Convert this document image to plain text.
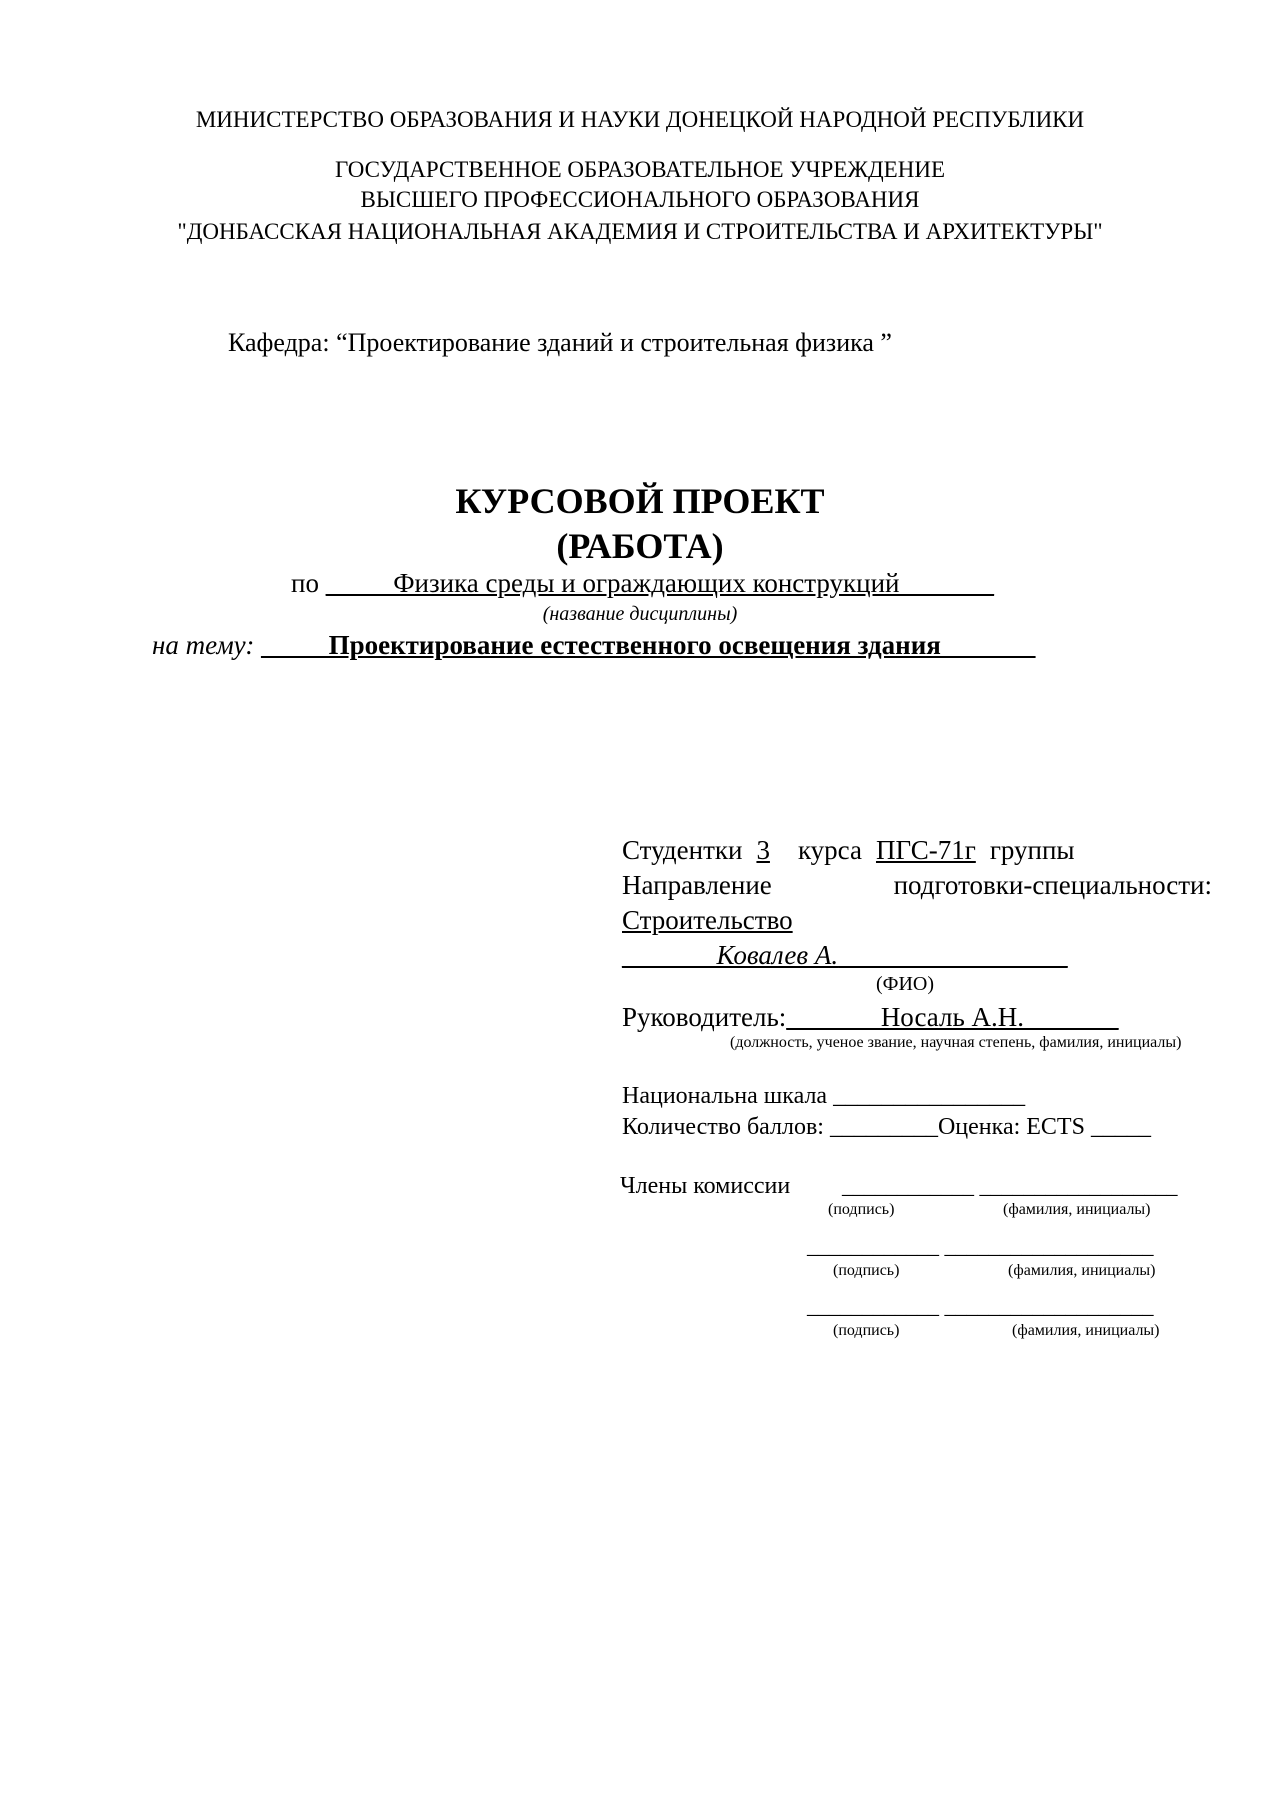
МИНИСТЕРСТВО ОБРАЗОВАНИЯ И НАУКИ ДОНЕЦКОЙ НАРОДНОЙ РЕСПУБЛИКИ
ГОСУДАРСТВЕННОЕ ОБРАЗОВАТЕЛЬНОЕ УЧРЕЖДЕНИЕ
ВЫСШЕГО ПРОФЕССИОНАЛЬНОГО ОБРАЗОВАНИЯ
"ДОНБАССКАЯ НАЦИОНАЛЬНАЯ АКАДЕМИЯ И СТРОИТЕЛЬСТВА И АРХИТЕКТУРЫ"
Кафедра: “Проектирование зданий и строительная физика ”
КУРСОВОЙ ПРОЕКТ
(РАБОТА)
по _____Физика среды и ограждающих конструкций_______
(название дисциплины)
на тему: _____Проектирование естественного освещения здания_______
Студентки 3 курса ПГС-71г группы
Направление	подготовки-специальности:
Строительство
_______Ковалев А._________________
(ФИО)
Руководитель:_______Носаль А.Н._______
(должность, ученое звание, научная степень, фамилия, инициалы)
Национальна шкала ________________
Количество баллов: _________Оценка: ECTS _____
Члены комиссии ____________ __________________
(подпись)	(фамилия, инициалы)
____________ ___________________
(подпись)	(фамилия, инициалы)
____________ ___________________
(подпись)	(фамилия, инициалы)
